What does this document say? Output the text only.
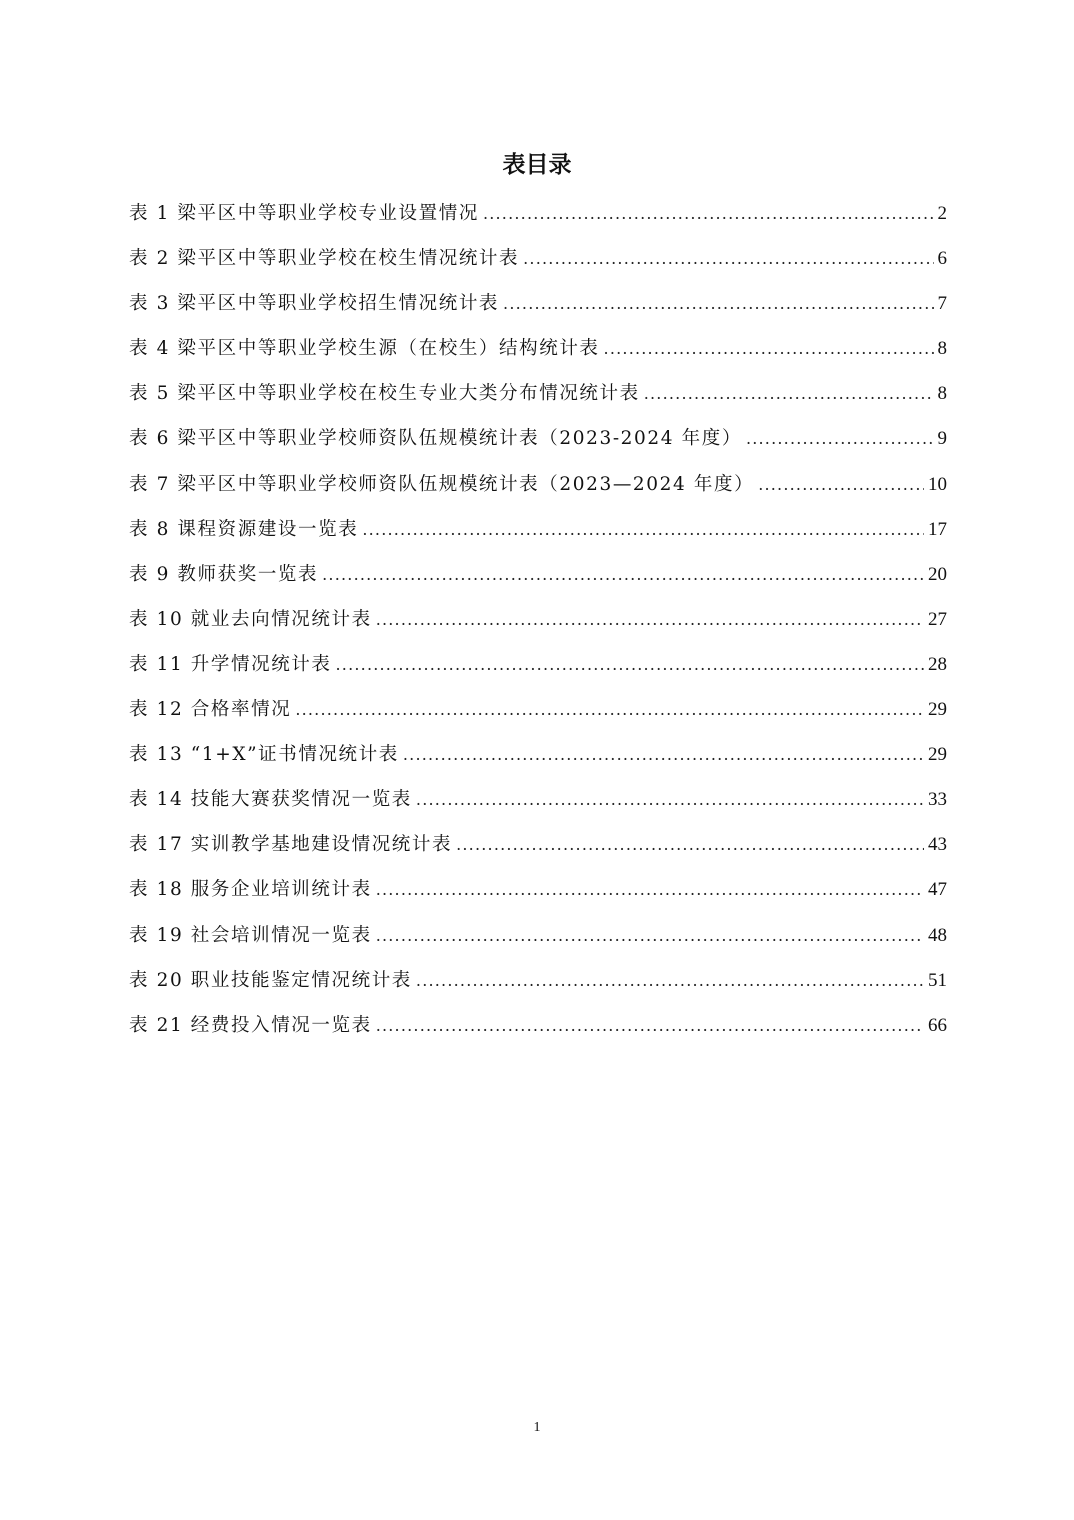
表目录
表 1 梁平区中等职业学校专业设置情况 .....	2
表 2 梁平区中等职业学校在校生情况统计表 .....	6
表 3 梁平区中等职业学校招生情况统计表 .....	7
表 4 梁平区中等职业学校生源（在校生）结构统计表 .....	8
表 5 梁平区中等职业学校在校生专业大类分布情况统计表 .....	8
表 6 梁平区中等职业学校师资队伍规模统计表（2023-2024 年度） .....	9
表 7 梁平区中等职业学校师资队伍规模统计表（2023—2024 年度） .....	10
表 8 课程资源建设一览表 .....	17
表 9 教师获奖一览表 .....	20
表 10 就业去向情况统计表 .....	27
表 11 升学情况统计表 .....	28
表 12 合格率情况 .....	29
表 13 “1+X”证书情况统计表 .....	29
表 14 技能大赛获奖情况一览表 .....	33
表 17 实训教学基地建设情况统计表 .....	43
表 18 服务企业培训统计表 .....	47
表 19 社会培训情况一览表 .....	48
表 20 职业技能鉴定情况统计表 .....	51
表 21 经费投入情况一览表 .....	66

1
